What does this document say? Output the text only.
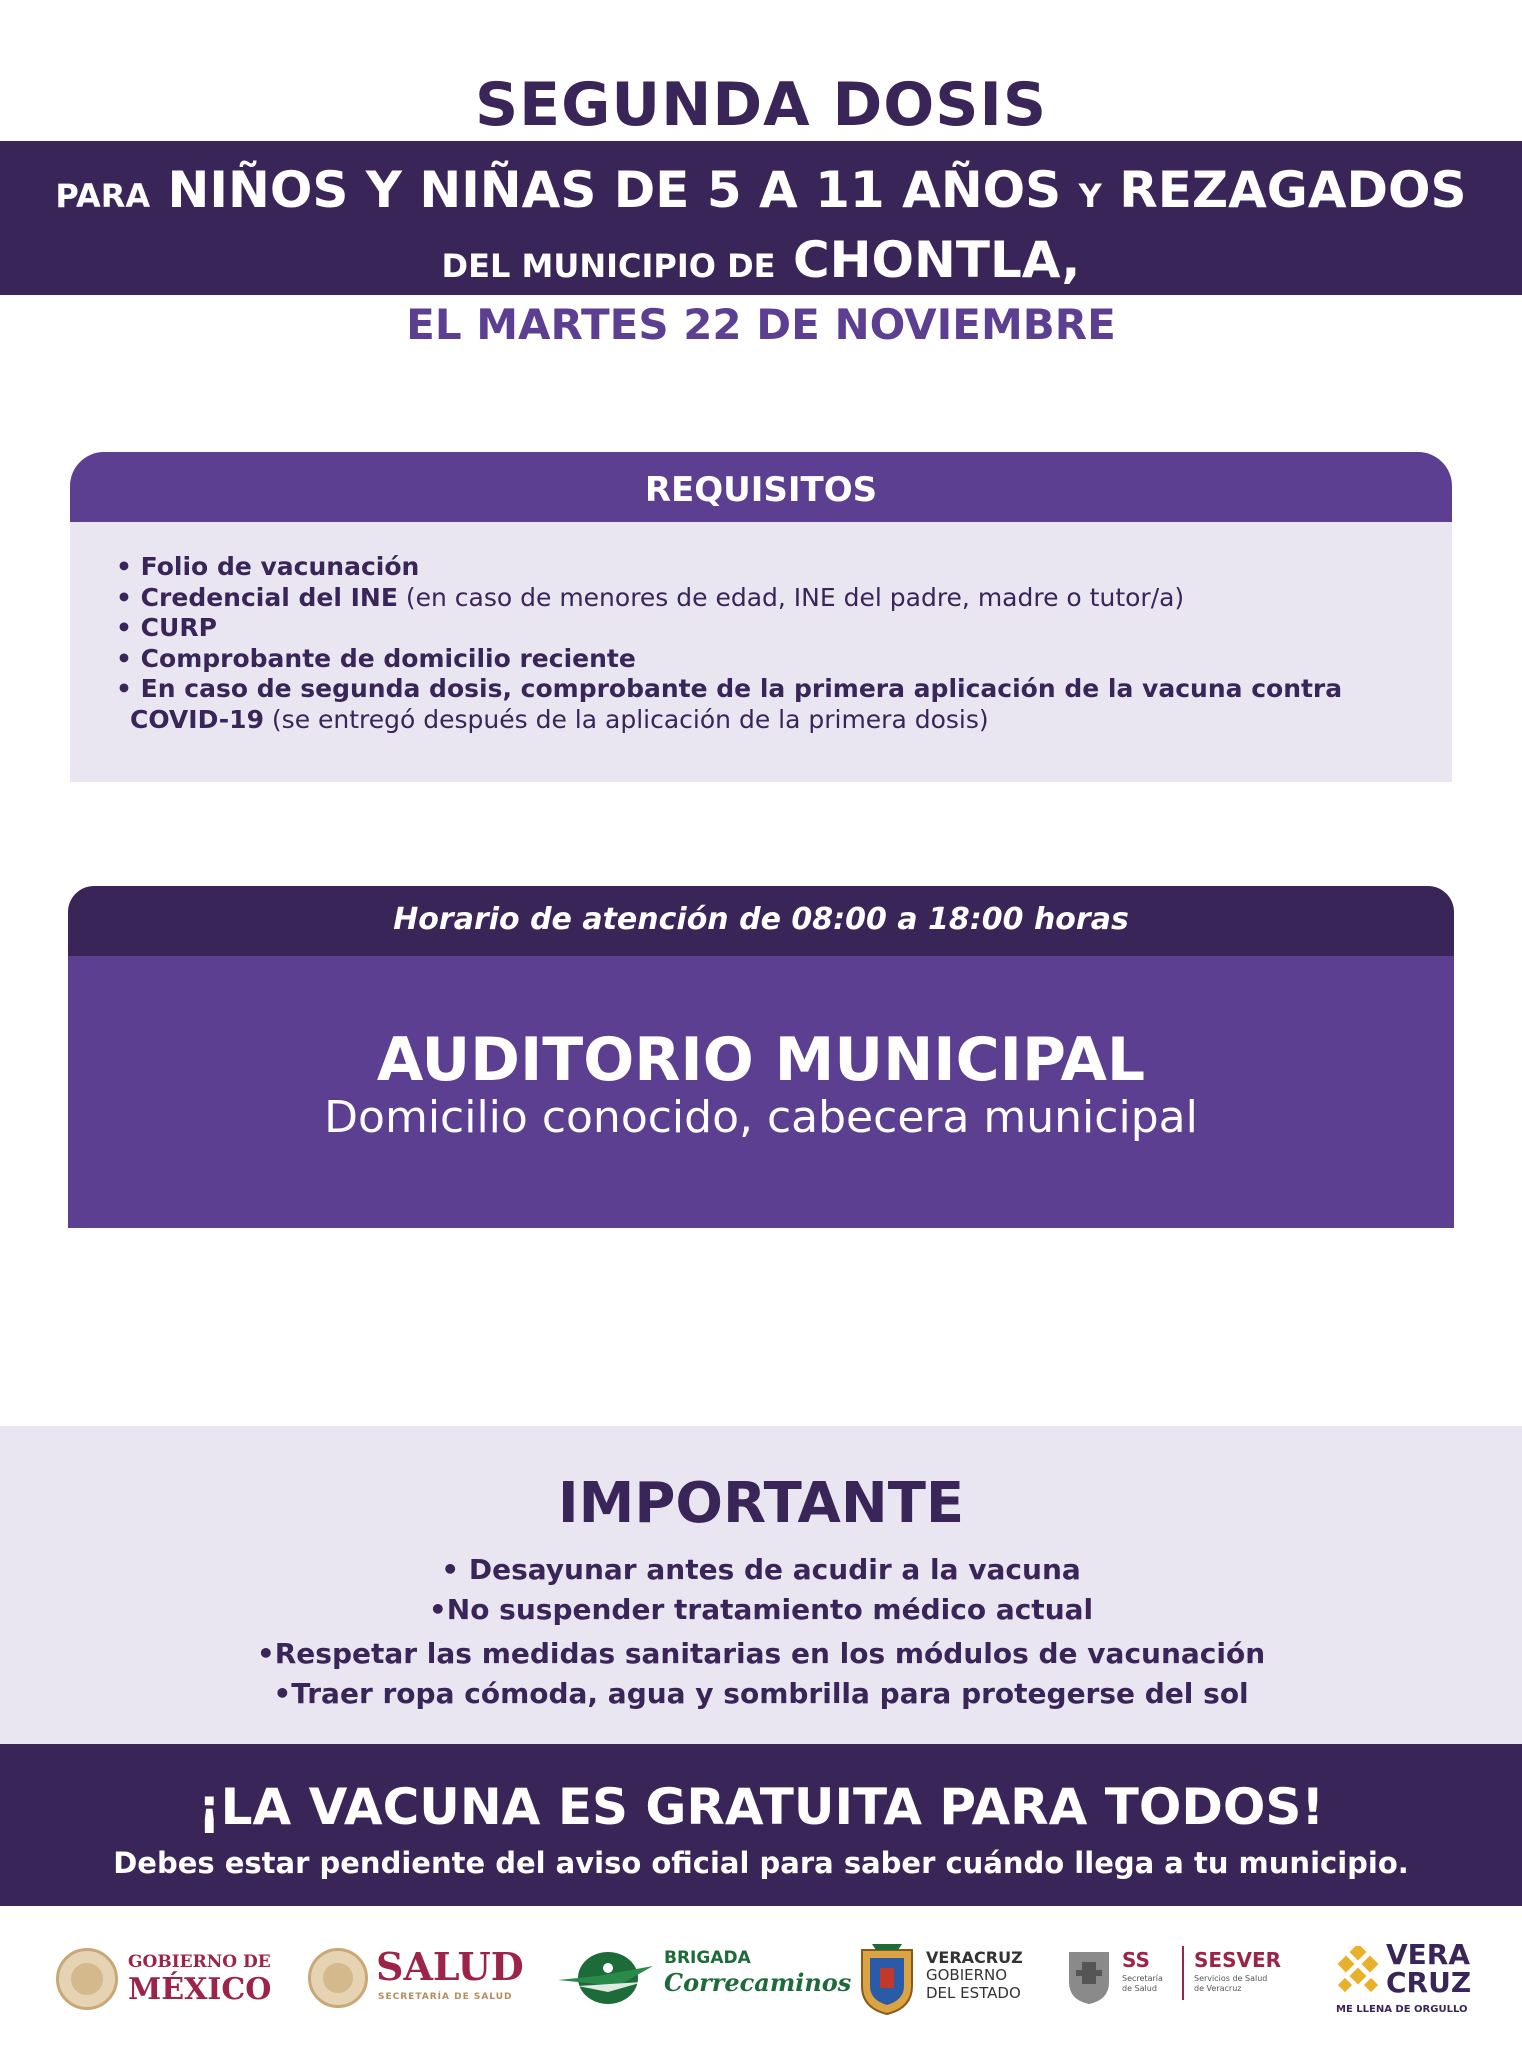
SEGUNDA DOSIS
PARA NIÑOS Y NIÑAS DE 5 A 11 AÑOS Y REZAGADOS
DEL MUNICIPIO DE CHONTLA,
EL MARTES 22 DE NOVIEMBRE
REQUISITOS
• Folio de vacunación
• Credencial del INE (en caso de menores de edad, INE del padre, madre o tutor/a)
• CURP
• Comprobante de domicilio reciente
• En caso de segunda dosis, comprobante de la primera aplicación de la vacuna contra
COVID-19 (se entregó después de la aplicación de la primera dosis)
Horario de atención de 08:00 a 18:00 horas
AUDITORIO MUNICIPAL
Domicilio conocido, cabecera municipal
IMPORTANTE
• Desayunar antes de acudir a la vacuna
•No suspender tratamiento médico actual
•Respetar las medidas sanitarias en los módulos de vacunación
•Traer ropa cómoda, agua y sombrilla para protegerse del sol
¡LA VACUNA ES GRATUITA PARA TODOS!
Debes estar pendiente del aviso oficial para saber cuándo llega a tu municipio.
GOBIERNO DE
MÉXICO
SALUD
SECRETARÍA DE SALUD
BRIGADA
Correcaminos
VERACRUZ
GOBIERNO
DEL ESTADO
SS
Secretaría
de Salud
SESVER
Servicios de Salud
de Veracruz
VERA
CRUZ
ME LLENA DE ORGULLO
